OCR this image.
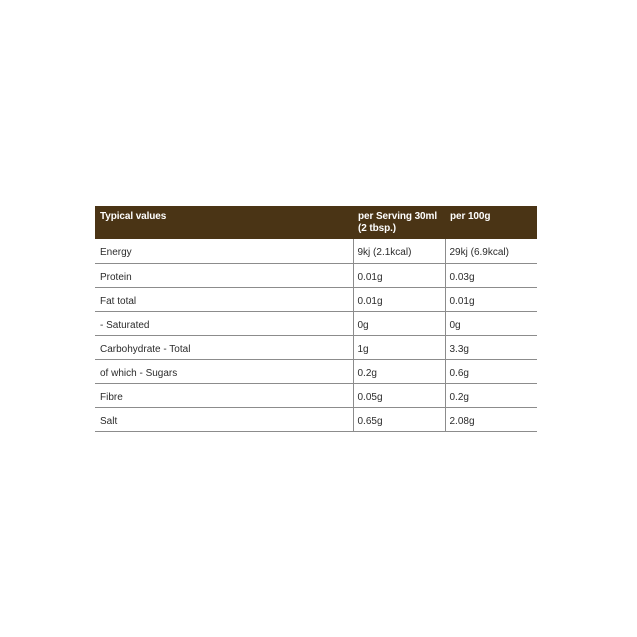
Typical values	per Serving 30ml (2 tbsp.)	per 100g
Energy	9kj (2.1kcal)	29kj (6.9kcal)
Protein	0.01g	0.03g
Fat total	0.01g	0.01g
- Saturated	0g	0g
Carbohydrate - Total	1g	3.3g
of which - Sugars	0.2g	0.6g
Fibre	0.05g	0.2g
Salt	0.65g	2.08g
